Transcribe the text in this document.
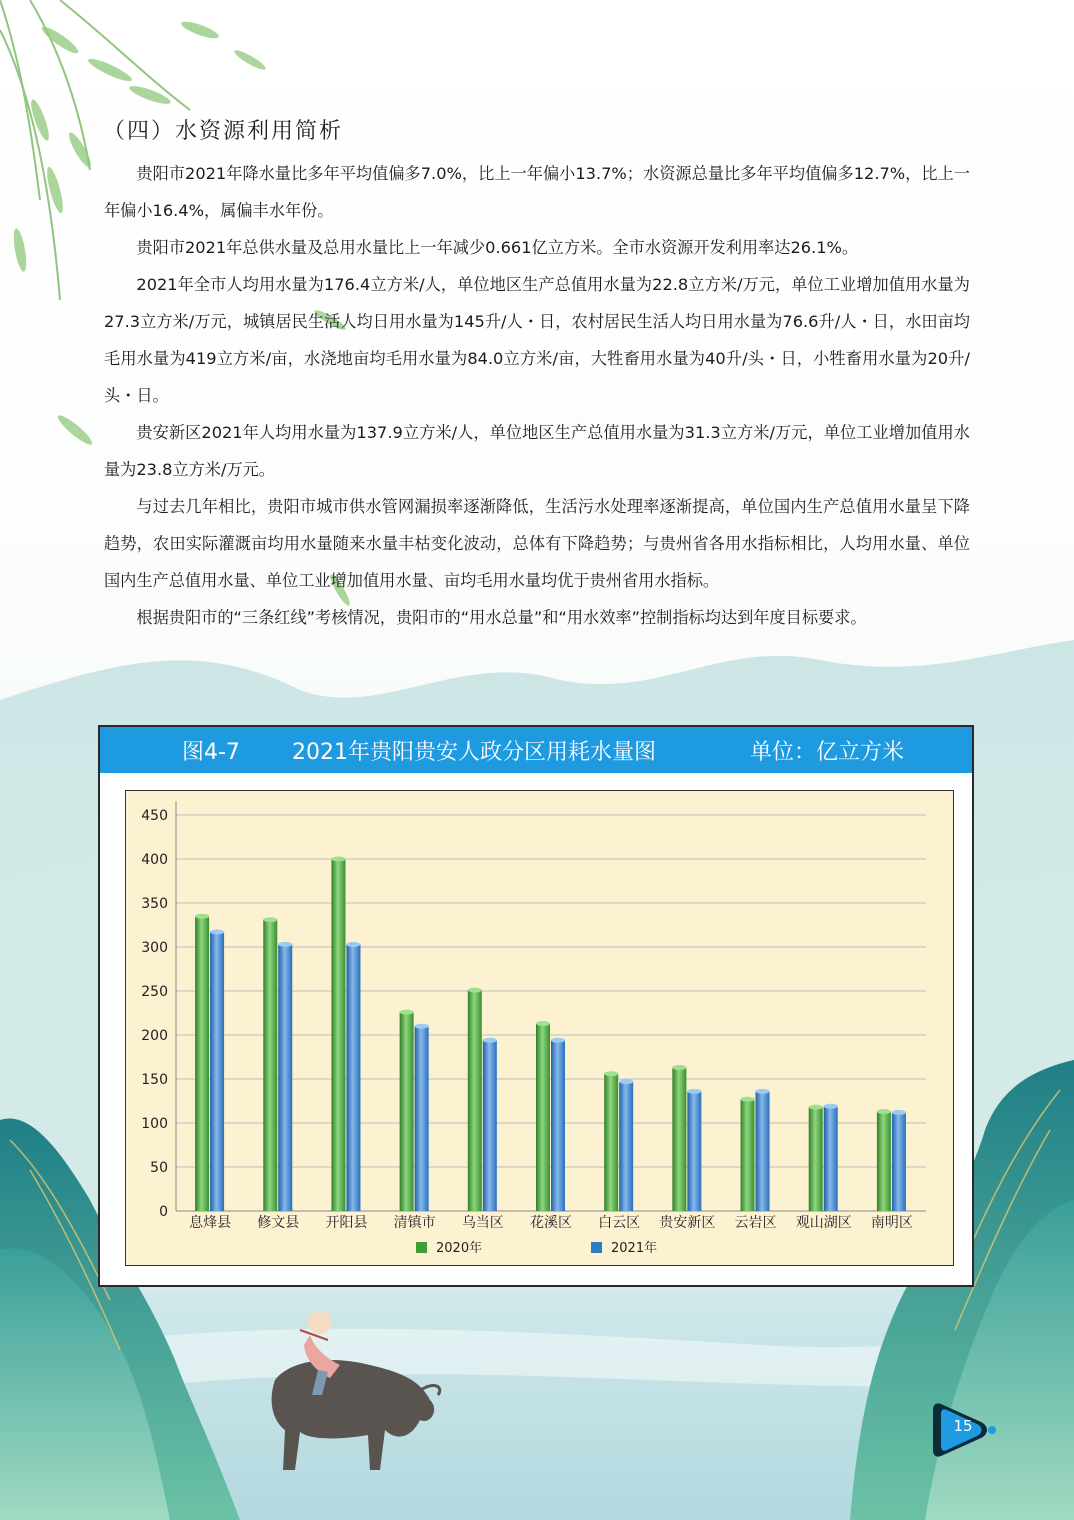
（四）水资源利用简析

贵阳市2021年降水量比多年平均值偏多7.0%，比上一年偏小13.7%；水资源总量比多年平均值偏多12.7%，比上一年偏小16.4%，属偏丰水年份。

贵阳市2021年总供水量及总用水量比上一年减少0.661亿立方米。全市水资源开发利用率达26.1%。

2021年全市人均用水量为176.4立方米/人，单位地区生产总值用水量为22.8立方米/万元，单位工业增加值用水量为27.3立方米/万元，城镇居民生活人均日用水量为145升/人・日，农村居民生活人均日用水量为76.6升/人・日，水田亩均毛用水量为419立方米/亩，水浇地亩均毛用水量为84.0立方米/亩，大牲畜用水量为40升/头・日，小牲畜用水量为20升/头・日。

贵安新区2021年人均用水量为137.9立方米/人，单位地区生产总值用水量为31.3立方米/万元，单位工业增加值用水量为23.8立方米/万元。

与过去几年相比，贵阳市城市供水管网漏损率逐渐降低，生活污水处理率逐渐提高，单位国内生产总值用水量呈下降趋势，农田实际灌溉亩均用水量随来水量丰枯变化波动，总体有下降趋势；与贵州省各用水指标相比，人均用水量、单位国内生产总值用水量、单位工业增加值用水量、亩均毛用水量均优于贵州省用水指标。

根据贵阳市的“三条红线”考核情况，贵阳市的“用水总量”和“用水效率”控制指标均达到年度目标要求。

图4-7	2021年贵阳贵安人政分区用耗水量图	单位：亿立方米
0
50
100
150
200
250
300
350
400
450
息烽县 修文县 开阳县 清镇市 乌当区 花溪区 白云区 贵安新区 云岩区 观山湖区 南明区
2020年	2021年
15
